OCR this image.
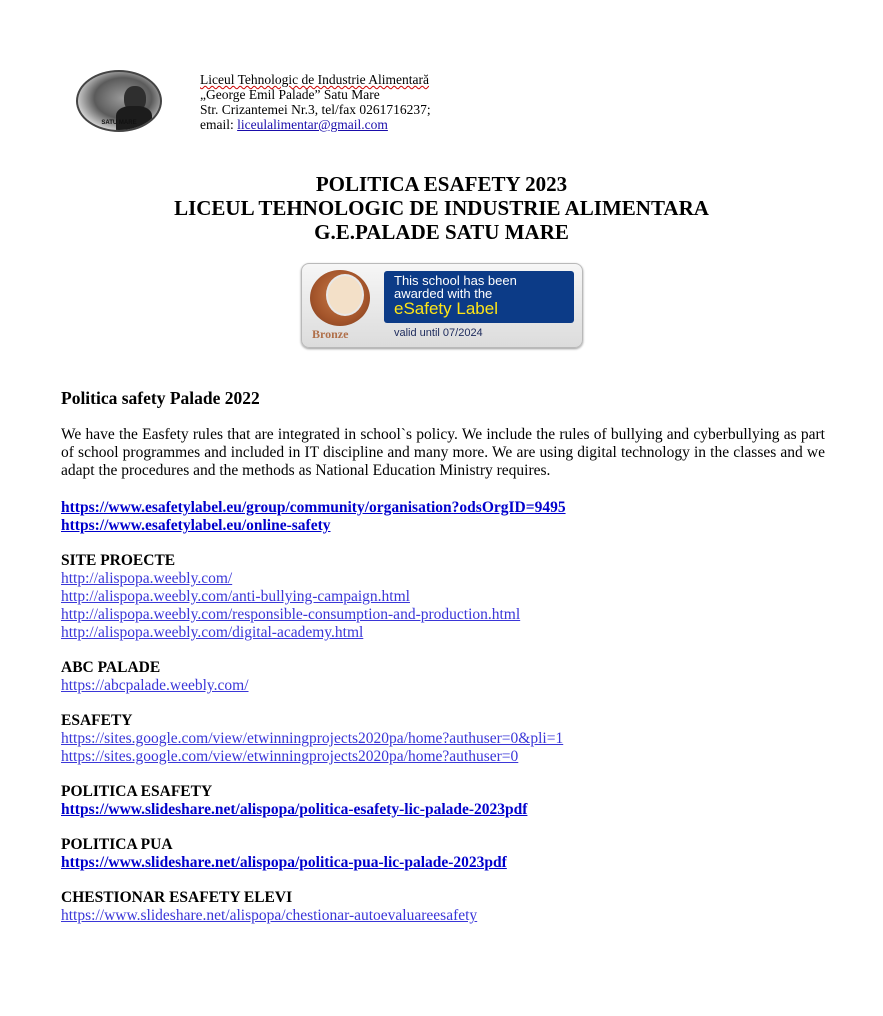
SATU MARE
Liceul Tehnologic de Industrie Alimentară
„George Emil Palade” Satu Mare
Str. Crizantemei Nr.3, tel/fax 0261716237;
email: liceulalimentar@gmail.com
POLITICA ESAFETY 2023
LICEUL TEHNOLOGIC DE INDUSTRIE ALIMENTARA
G.E.PALADE SATU MARE
This school has been
awarded with the
eSafety Label
Bronze	valid until 07/2024
Politica safety Palade 2022

We have the Easfety rules that are integrated in school`s policy. We include the rules of bullying and cyberbullying as part of school programmes and included in IT discipline and many more. We are using digital technology in the classes and we adapt the procedures and the methods as National Education Ministry requires.

https://www.esafetylabel.eu/group/community/organisation?odsOrgID=9495
https://www.esafetylabel.eu/online-safety
SITE PROECTE
http://alispopa.weebly.com/
http://alispopa.weebly.com/anti-bullying-campaign.html
http://alispopa.weebly.com/responsible-consumption-and-production.html
http://alispopa.weebly.com/digital-academy.html
ABC PALADE
https://abcpalade.weebly.com/
ESAFETY
https://sites.google.com/view/etwinningprojects2020pa/home?authuser=0&pli=1
https://sites.google.com/view/etwinningprojects2020pa/home?authuser=0
POLITICA ESAFETY
https://www.slideshare.net/alispopa/politica-esafety-lic-palade-2023pdf
POLITICA PUA
https://www.slideshare.net/alispopa/politica-pua-lic-palade-2023pdf
CHESTIONAR ESAFETY ELEVI
https://www.slideshare.net/alispopa/chestionar-autoevaluareesafety
